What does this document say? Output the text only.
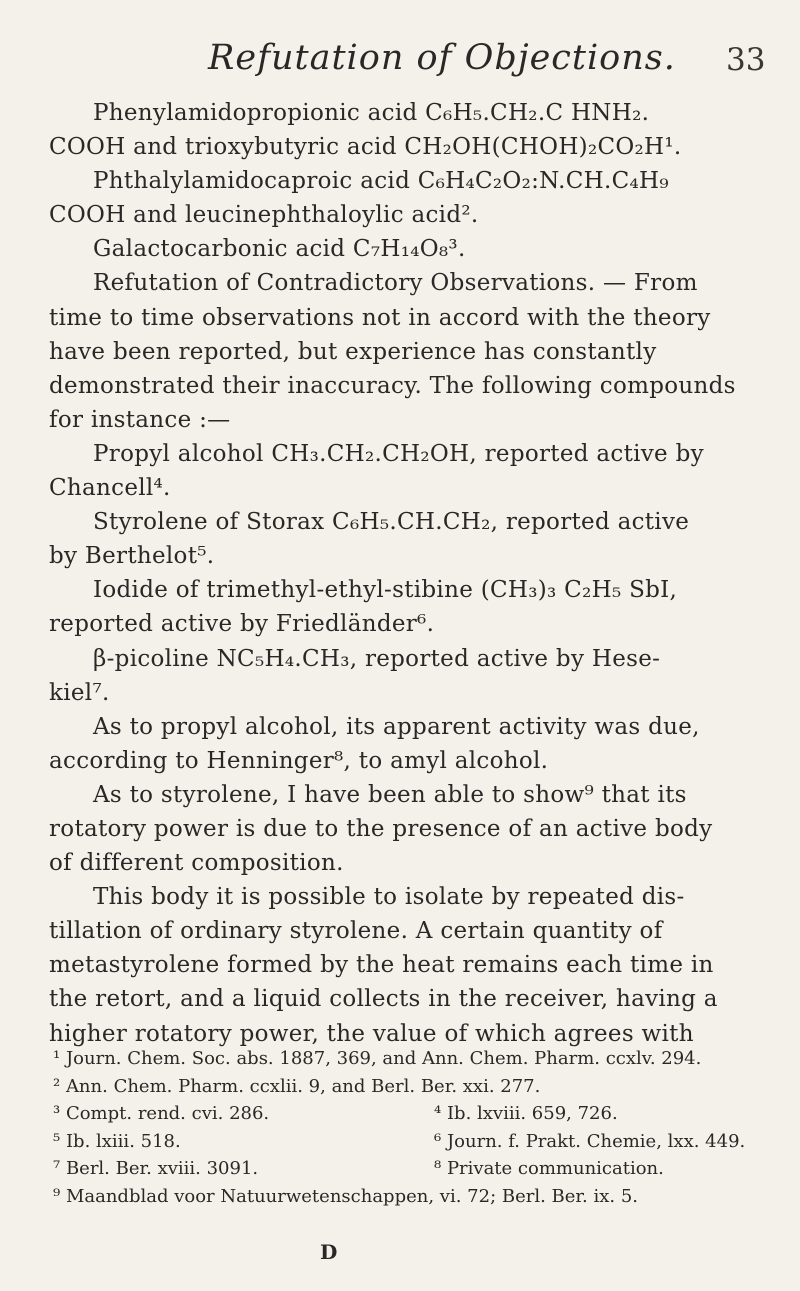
Refutation of Objections. 33
Phenylamidopropionic acid C₆H₅.CH₂.C HNH₂.
COOH and trioxybutyric acid CH₂OH(CHOH)₂CO₂H¹.
Phthalylamidocaproic acid C₆H₄C₂O₂:N.CH.C₄H₉
COOH and leucinephthaloylic acid².
Galactocarbonic acid C₇H₁₄O₈³.
Refutation of Contradictory Observations. — From
time to time observations not in accord with the theory
have been reported, but experience has constantly
demonstrated their inaccuracy. The following compounds
for instance :—
Propyl alcohol CH₃.CH₂.CH₂OH, reported active by
Chancell⁴.
Styrolene of Storax C₆H₅.CH.CH₂, reported active
by Berthelot⁵.
Iodide of trimethyl-ethyl-stibine (CH₃)₃ C₂H₅ SbI,
reported active by Friedländer⁶.
β-picoline NC₅H₄.CH₃, reported active by Hese-
kiel⁷.
As to propyl alcohol, its apparent activity was due,
according to Henninger⁸, to amyl alcohol.
As to styrolene, I have been able to show⁹ that its
rotatory power is due to the presence of an active body
of different composition.
This body it is possible to isolate by repeated dis-
tillation of ordinary styrolene. A certain quantity of
metastyrolene formed by the heat remains each time in
the retort, and a liquid collects in the receiver, having a
higher rotatory power, the value of which agrees with
¹ Journ. Chem. Soc. abs. 1887, 369, and Ann. Chem. Pharm. ccxlv. 294.
² Ann. Chem. Pharm. ccxlii. 9, and Berl. Ber. xxi. 277.
³ Compt. rend. cvi. 286.	⁴ Ib. lxviii. 659, 726.
⁵ Ib. lxiii. 518.	⁶ Journ. f. Prakt. Chemie, lxx. 449.
⁷ Berl. Ber. xviii. 3091.	⁸ Private communication.
⁹ Maandblad voor Natuurwetenschappen, vi. 72; Berl. Ber. ix. 5.
D
